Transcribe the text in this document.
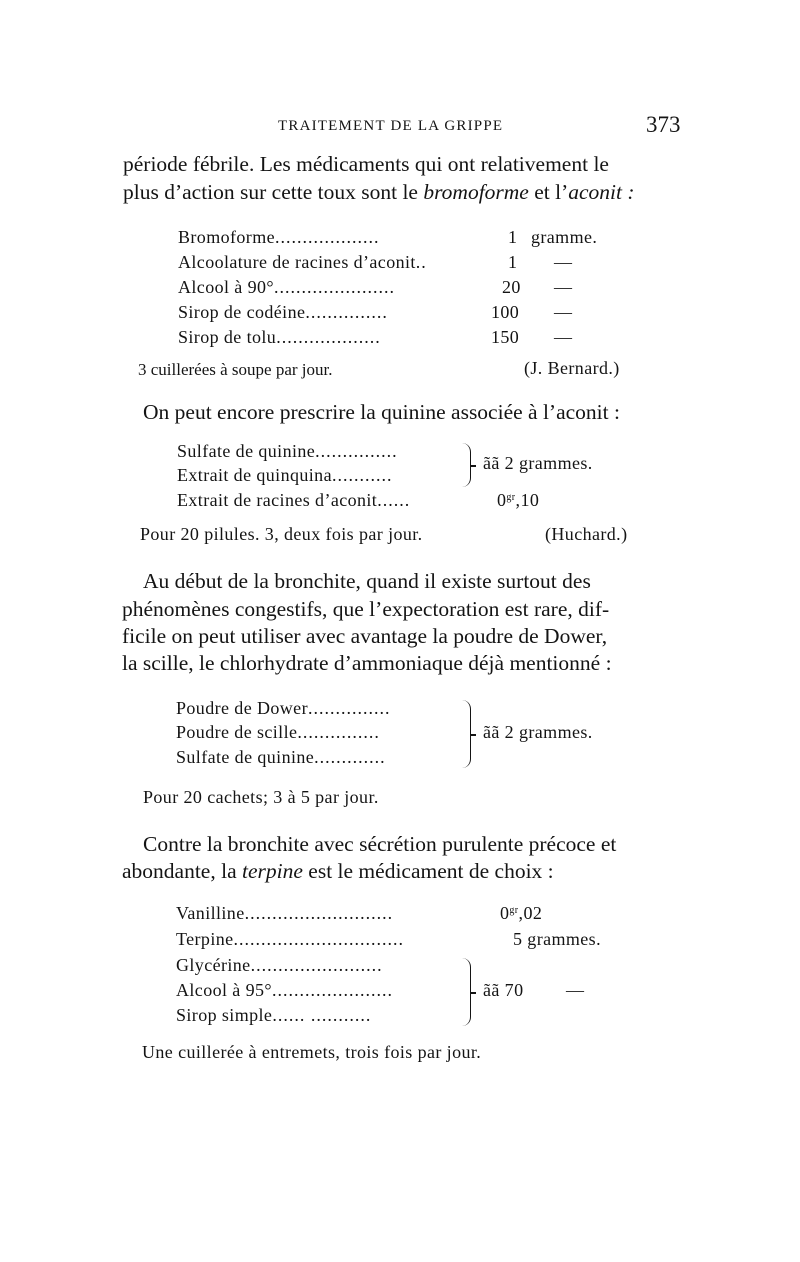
TRAITEMENT DE LA GRIPPE	373
période fébrile. Les médicaments qui ont relativement le
plus d’action sur cette toux sont le bromoforme et l’aconit :
Bromoforme...................	1 gramme.
Alcoolature de racines d’aconit..	1 —
Alcool à 90°......................	20 —
Sirop de codéine...............	100 —
Sirop de tolu...................	150 —
3 cuillerées à soupe par jour.	(J. Bernard.)
On peut encore prescrire la quinine associée à l’aconit :
Sulfate de quinine...............
Extrait de quinquina...........
ãã 2 grammes.
Extrait de racines d’aconit......	$0^{gr},10$
Pour 20 pilules. 3, deux fois par jour.	(Huchard.)
Au début de la bronchite, quand il existe surtout des
phénomènes congestifs, que l’expectoration est rare, dif-
ficile on peut utiliser avec avantage la poudre de Dower,
la scille, le chlorhydrate d’ammoniaque déjà mentionné :
Poudre de Dower...............
Poudre de scille...............
Sulfate de quinine.............
ãã 2 grammes.
Pour 20 cachets; 3 à 5 par jour.
Contre la bronchite avec sécrétion purulente précoce et
abondante, la terpine est le médicament de choix :
Vanilline...........................	$0^{gr},02$
Terpine...............................	5 grammes.
Glycérine........................
Alcool à 95°......................
Sirop simple...... ...........
ãã 70 —
Une cuillerée à entremets, trois fois par jour.
